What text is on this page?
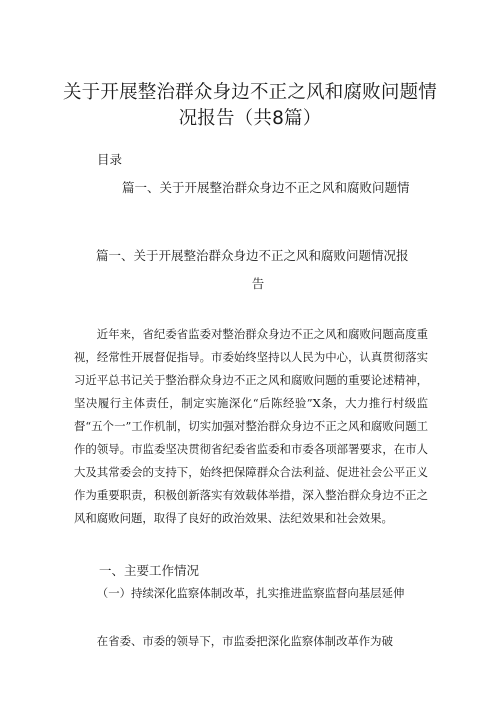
关于开展整治群众身边不正之风和腐败问题情况报告（共8篇）
目录
篇一、关于开展整治群众身边不正之风和腐败问题情
篇一、关于开展整治群众身边不正之风和腐败问题情况报
告

近年来，省纪委省监委对整治群众身边不正之风和腐败问题高度重视，经常性开展督促指导。市委始终坚持以人民为中心，认真贯彻落实习近平总书记关于整治群众身边不正之风和腐败问题的重要论述精神，坚决履行主体责任，制定实施深化“后陈经验”X条，大力推行村级监督“五个一”工作机制，切实加强对整治群众身边不正之风和腐败问题工作的领导。市监委坚决贯彻省纪委省监委和市委各项部署要求，在市人大及其常委会的支持下，始终把保障群众合法利益、促进社会公平正义作为重要职责，积极创新落实有效载体举措，深入整治群众身边不正之风和腐败问题，取得了良好的政治效果、法纪效果和社会效果。

一、主要工作情况

（一）持续深化监察体制改革，扎实推进监察监督向基层延伸

在省委、市委的领导下，市监委把深化监察体制改革作为破
